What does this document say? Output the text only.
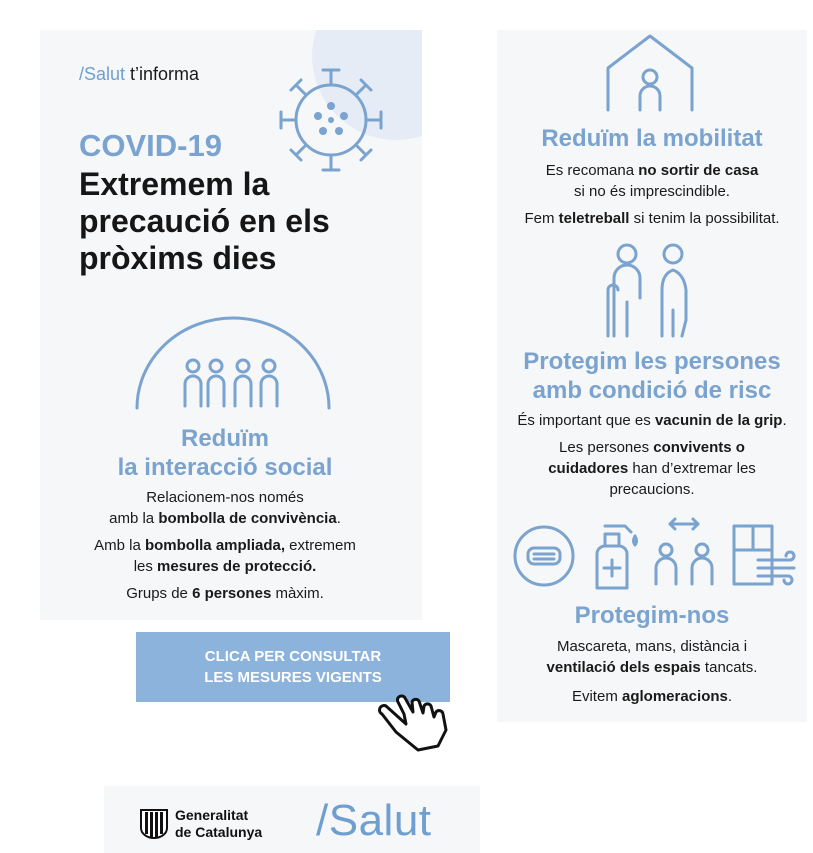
/Salut t’informa
COVID-19
Extremem la precaució en els pròxims dies
Reduïm
la interacció social
Relacionem-nos només
amb la bombolla de convivència.
Amb la bombolla ampliada, extremem
les mesures de protecció.
Grups de 6 persones màxim.
CLICA PER CONSULTAR
LES MESURES VIGENTS
Reduïm la mobilitat
Es recomana no sortir de casa
si no és imprescindible.
Fem teletreball si tenim la possibilitat.
Protegim les persones
amb condició de risc
És important que es vacunin de la grip.
Les persones convivents o
cuidadores han d’extremar les
precaucions.
Protegim-nos
Mascareta, mans, distància i
ventilació dels espais tancats.
Evitem aglomeracions.
Generalitat
de Catalunya /Salut
